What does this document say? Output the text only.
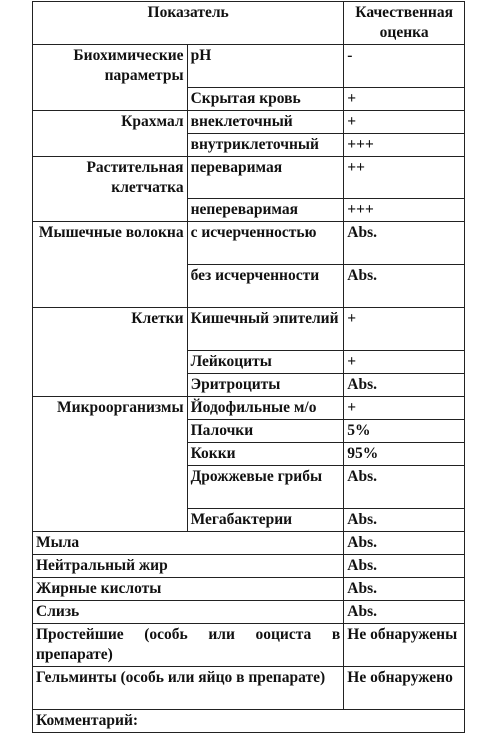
Показатель		Качественная оценка
Биохимические параметры	pH	-
	Скрытая кровь	+
Крахмал	внеклеточный	+
	внутриклеточный	+++
Растительная клетчатка	переваримая	++
	непереваримая	+++
Мышечные волокна	с исчерченностью	Abs.
	без исчерченности	Abs.
Клетки	Кишечный эпителий	+
	Лейкоциты	+
	Эритроциты	Abs.
Микроорганизмы	Йодофильные м/о	+
	Палочки	5%
	Кокки	95%
	Дрожжевые грибы	Abs.
	Мегабактерии	Abs.
Мыла		Abs.
Нейтральный жир		Abs.
Жирные кислоты		Abs.
Слизь		Abs.
Простейшие (особь или ооциста в препарате)		Не обнаружены
Гельминты (особь или яйцо в препарате)		Не обнаружено
Комментарий:		
